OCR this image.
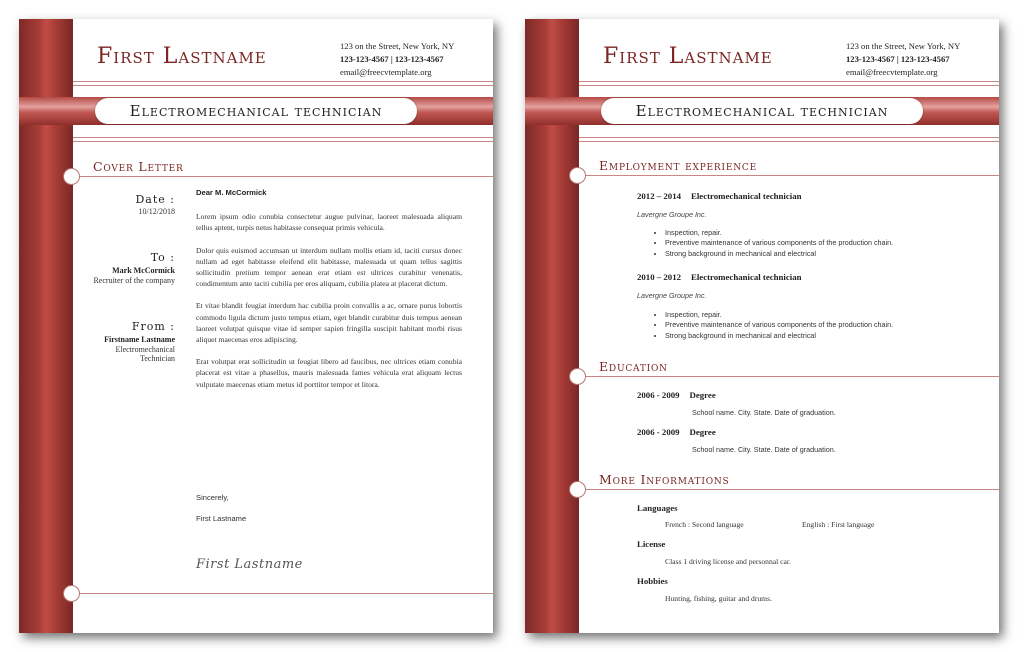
First Lastname	123 on the Street, New York, NY
123-123-4567 | 123-123-4567
email@freecvtemplate.org
Electromechanical technician
Cover Letter
Date :
10/12/2018
To :
Mark McCormick
Recruiter of the company
From :
Firstname Lastname
Electromechanical
Technician
Dear M. McCormick
Lorem ipsum odio conubia consectetur augue pulvinar, laoreet malesuada aliquam tellus aptent, turpis netus habitasse consequat primis vehicula.
Dolor quis euismod accumsan ut interdum nullam mollis etiam id, taciti cursus donec nullam ad eget habitasse eleifend elit habitasse, malesuada ut quam tellus sagittis sollicitudin pretium tempor aenean erat etiam est ultrices curabitur venenatis, condimentum ante taciti cubilia per eros aliquam, cubilia platea at placerat dictum.
Et vitae blandit feugiat interdum hac cubilia proin convallis a ac, ornare purus lobortis commodo ligula dictum justo tempus etiam, eget blandit curabitur duis tempus aenean laoreet volutpat quisque vitae id semper sapien fringilla suscipit habitant morbi risus aliquet maecenas eros adipiscing.
Erat volutpat erat sollicitudin ut feugiat libero ad faucibus, nec ultrices etiam conubia placerat est vitae a phasellus, mauris malesuada fames vehicula erat aliquam lectus vulputate maecenas etiam metus id porttitor tempor et litora.
Sincerely,
First Lastname
First Lastname
First Lastname	123 on the Street, New York, NY
123-123-4567 | 123-123-4567
email@freecvtemplate.org
Electromechanical technician
Employment experience
2012 – 2014 Electromechanical technician
Lavergne Groupe Inc.
• Inspection, repair.
• Preventive maintenance of various components of the production chain.
• Strong background in mechanical and electrical
2010 – 2012 Electromechanical technician
Lavergne Groupe Inc.
• Inspection, repair.
• Preventive maintenance of various components of the production chain.
• Strong background in mechanical and electrical
Education
2006 - 2009 Degree
School name. City. State. Date of graduation.
2006 - 2009 Degree
School name. City. State. Date of graduation.
More Informations
Languages
French : Second language	English : First language
License
Class 1 driving license and personnal car.
Hobbies
Hunting, fishing, guitar and drums.
